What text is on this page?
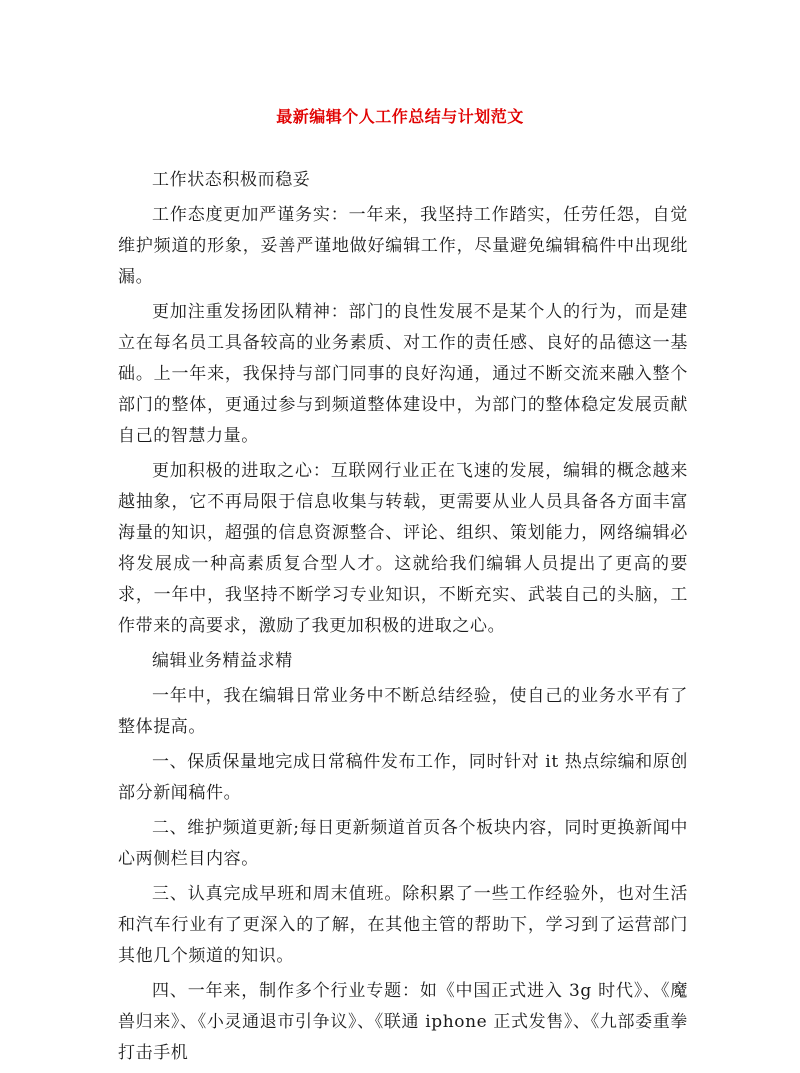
最新编辑个人工作总结与计划范文

工作状态积极而稳妥

工作态度更加严谨务实：一年来，我坚持工作踏实，任劳任怨，自觉维护频道的形象，妥善严谨地做好编辑工作，尽量避免编辑稿件中出现纰漏。

更加注重发扬团队精神：部门的良性发展不是某个人的行为，而是建立在每名员工具备较高的业务素质、对工作的责任感、良好的品德这一基础。上一年来，我保持与部门同事的良好沟通，通过不断交流来融入整个部门的整体，更通过参与到频道整体建设中，为部门的整体稳定发展贡献自己的智慧力量。

更加积极的进取之心：互联网行业正在飞速的发展，编辑的概念越来越抽象，它不再局限于信息收集与转载，更需要从业人员具备各方面丰富海量的知识，超强的信息资源整合、评论、组织、策划能力，网络编辑必将发展成一种高素质复合型人才。这就给我们编辑人员提出了更高的要求，一年中，我坚持不断学习专业知识，不断充实、武装自己的头脑，工作带来的高要求，激励了我更加积极的进取之心。

编辑业务精益求精

一年中，我在编辑日常业务中不断总结经验，使自己的业务水平有了整体提高。

一、保质保量地完成日常稿件发布工作，同时针对 it 热点综编和原创部分新闻稿件。

二、维护频道更新;每日更新频道首页各个板块内容，同时更换新闻中心两侧栏目内容。

三、认真完成早班和周末值班。除积累了一些工作经验外，也对生活和汽车行业有了更深入的了解，在其他主管的帮助下，学习到了运营部门其他几个频道的知识。

四、一年来，制作多个行业专题：如《中国正式进入 3g 时代》、《魔兽归来》、《小灵通退市引争议》、《联通 iphone 正式发售》、《九部委重拳打击手机
